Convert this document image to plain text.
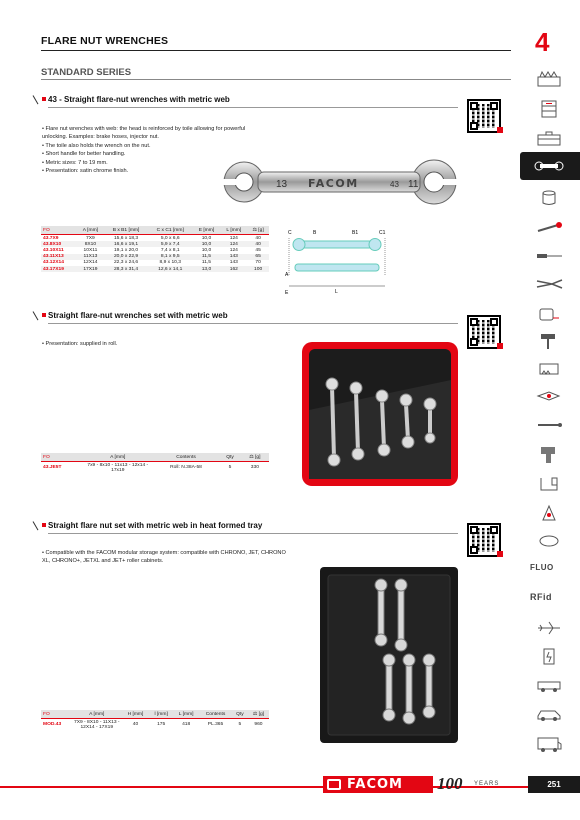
FLARE NUT WRENCHES	4
STANDARD SERIES
43 - Straight flare-nut wrenches with metric web
• Flare nut wrenches with web: the head is reinforced by toile allowing for powerful unlocking. Examples: brake hoses, injector nut.
• The toile also holds the wrench on the nut.
• Short handle for better handling.
• Metric sizes: 7 to 19 mm.
• Presentation: satin chrome finish.
13 FACOM	43 11
FO	A [mm]	B x B1 [mm]	C x C1 [mm]	E [mm]	L [mm]	⚖ [g]
43.7X9	7X9	15,6 x 18,3	5,0 x 6,6	10,0	124	40
43.8X10	8X10	16,6 x 19,1	5,9 x 7,4	10,0	124	40
43.10X11	10X11	19,1 x 20,0	7,4 x 8,1	10,0	124	45
43.11X13	11X13	20,0 x 22,9	8,1 x 9,5	11,5	143	65
43.12X14	12X14	22,3 x 24,6	8,9 x 10,3	11,5	143	70
43.17X19	17X19	28,3 x 31,4	12,6 x 14,1	13,0	162	100
C	B	B1	C1
A
E	L
Straight flare-nut wrenches set with metric web
• Presentation: supplied in roll.
FO	A [mm]	Contents	Qty	⚖ [g]
43.JE5T	7x9 - 8x10 - 11x13 - 12x14 - 17x19	Roll: N.38A-58	5	330
Straight flare nut set with metric web in heat formed tray
• Compatible with the FACOM modular storage system: compatible with CHRONO, JET, CHRONO XL, CHRONO+, JETXL and JET+ roller cabinets.
FO	A [mm]	H [mm]	l [mm]	L [mm]	Contents	Qty	⚖ [g]
MOD.43	7X9 - 8X10 - 11X13 - 12X14 - 17X19	40	175	418	PL.365	5	960
FLUO
RFid
FACOM 100 YEARS	251
